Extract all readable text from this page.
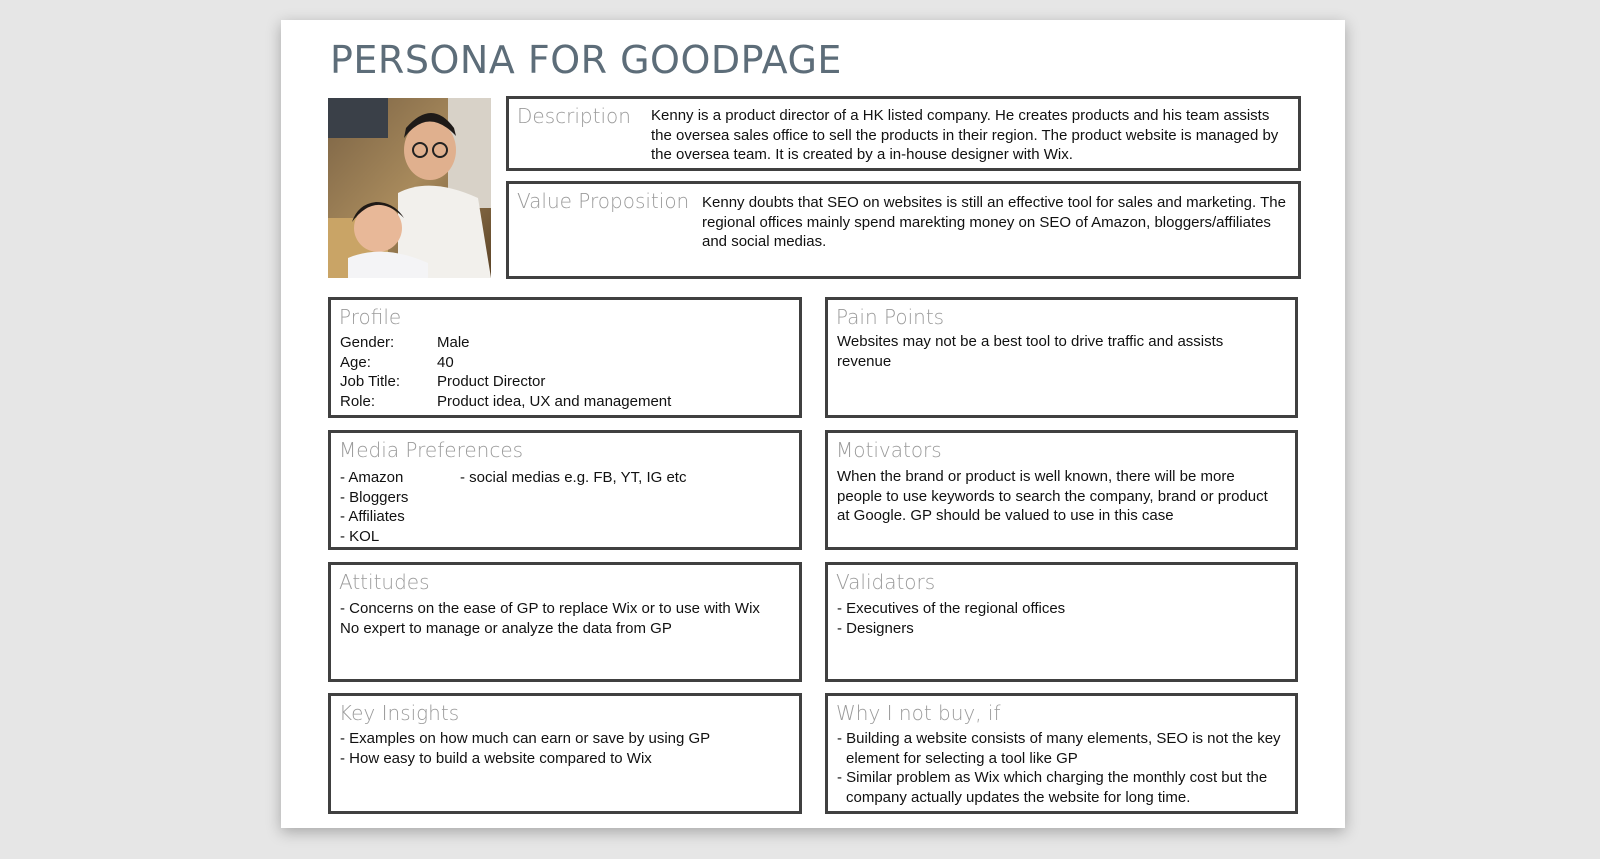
PERSONA FOR GOODPAGE
Description Kenny is a product director of a HK listed company. He creates products and his team assists the oversea sales office to sell the products in their region. The product website is managed by the oversea team. It is created by a in-house designer with Wix.
Value Proposition Kenny doubts that SEO on websites is still an effective tool for sales and marketing. The regional offices mainly spend marekting money on SEO of Amazon, bloggers/affiliates and social medias.
Profile
Gender:	Male
Age:	40
Job Title:	Product Director
Role:	Product idea, UX and management
Pain Points
Websites may not be a best tool to drive traffic and assists revenue
Media Preferences
- Amazon
- Bloggers
- Affiliates
- KOL
- social medias e.g. FB, YT, IG etc
Motivators
When the brand or product is well known, there will be more people to use keywords to search the company, brand or product at Google. GP should be valued to use in this case
Attitudes
- Concerns on the ease of GP to replace Wix or to use with Wix
No expert to manage or analyze the data from GP
Validators
- Executives of the regional offices
- Designers
Key Insights
- Examples on how much can earn or save by using GP
- How easy to build a website compared to Wix
Why I not buy, if
- Building a website consists of many elements, SEO is not the key element for selecting a tool like GP
- Similar problem as Wix which charging the monthly cost but the company actually updates the website for long time.
